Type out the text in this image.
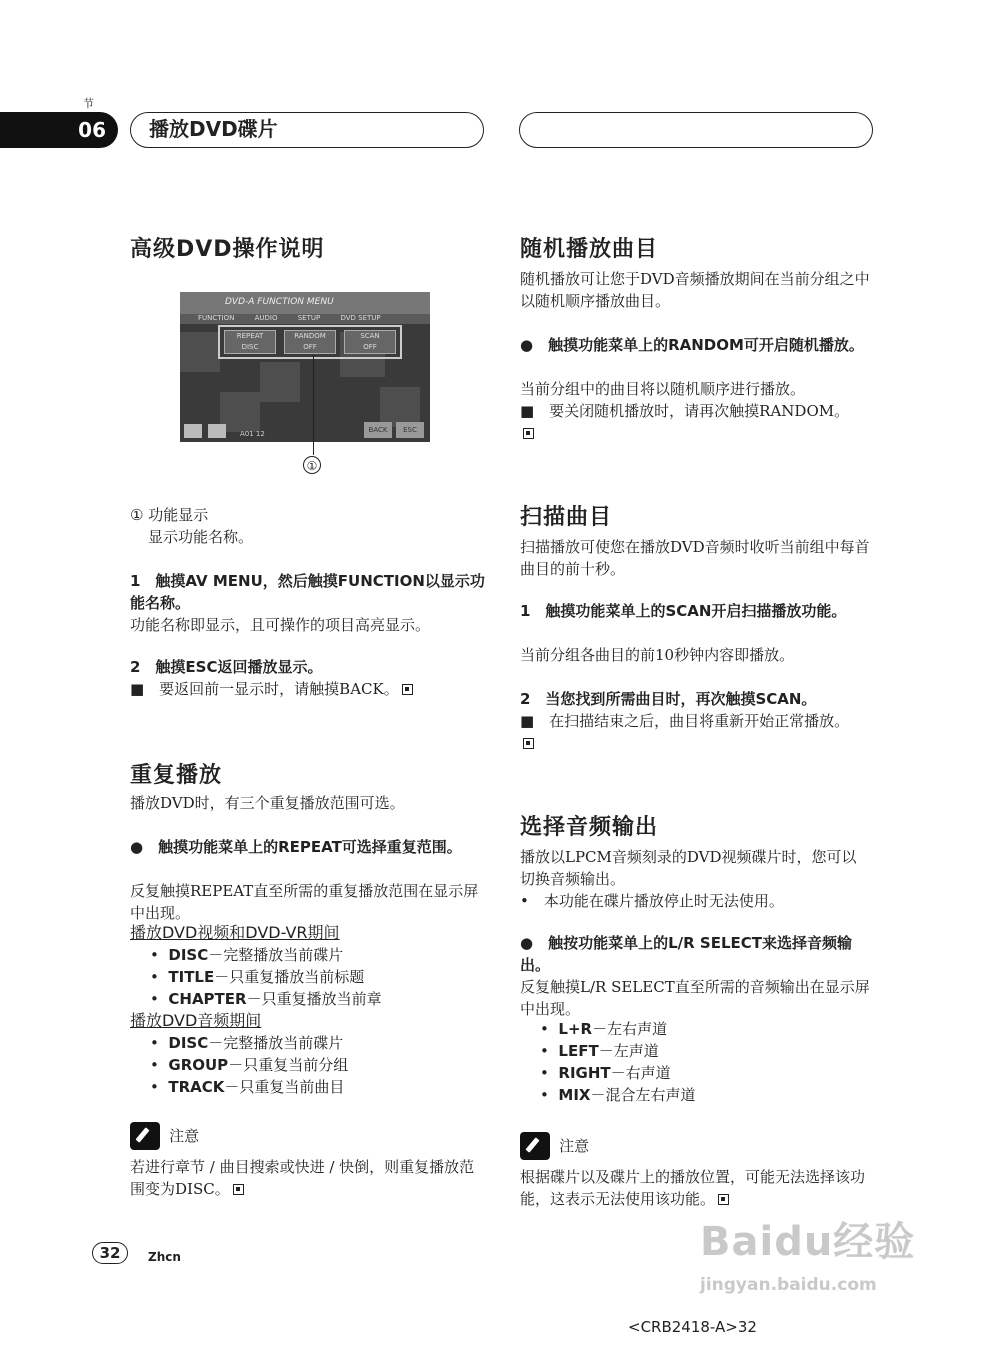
节
06	播放DVD碟片
高级DVD操作说明
DVD-A FUNCTION MENU
FUNCTION	AUDIO	SETUP	DVD SETUP
REPEAT
DISC
RANDOM
OFF
SCAN
OFF
A01 12	BACK	ESC
①
① 功能显示
显示功能名称。
1　触摸AV MENU，然后触摸FUNCTION以显示功能名称。
功能名称即显示，且可操作的项目高亮显示。
2　触摸ESC返回播放显示。
■　要返回前一显示时，请触摸BACK。
重复播放
播放DVD时，有三个重复播放范围可选。
●　触摸功能菜单上的REPEAT可选择重复范围。
反复触摸REPEAT直至所需的重复播放范围在显示屏中出现。
播放DVD视频和DVD-VR期间
•  DISC－完整播放当前碟片
•  TITLE－只重复播放当前标题
•  CHAPTER－只重复播放当前章
播放DVD音频期间
•  DISC－完整播放当前碟片
•  GROUP－只重复当前分组
•  TRACK－只重复当前曲目
注意
若进行章节 / 曲目搜索或快进 / 快倒，则重复播放范围变为DISC。
随机播放曲目
随机播放可让您于DVD音频播放期间在当前分组之中以随机顺序播放曲目。
●　触摸功能菜单上的RANDOM可开启随机播放。
当前分组中的曲目将以随机顺序进行播放。
■　要关闭随机播放时，请再次触摸RANDOM。
扫描曲目
扫描播放可使您在播放DVD音频时收听当前组中每首曲目的前十秒。
1　触摸功能菜单上的SCAN开启扫描播放功能。
当前分组各曲目的前10秒钟内容即播放。
2　当您找到所需曲目时，再次触摸SCAN。
■　在扫描结束之后，曲目将重新开始正常播放。
选择音频输出
播放以LPCM音频刻录的DVD视频碟片时，您可以切换音频输出。
•　本功能在碟片播放停止时无法使用。
●　触按功能菜单上的L/R SELECT来选择音频输出。
反复触摸L/R SELECT直至所需的音频输出在显示屏中出现。
•  L+R－左右声道
•  LEFT－左声道
•  RIGHT－右声道
•  MIX－混合左右声道
注意
根据碟片以及碟片上的播放位置，可能无法选择该功能，这表示无法使用该功能。
32	Zhcn	Baidu经验
jingyan.baidu.com
<CRB2418-A>32
